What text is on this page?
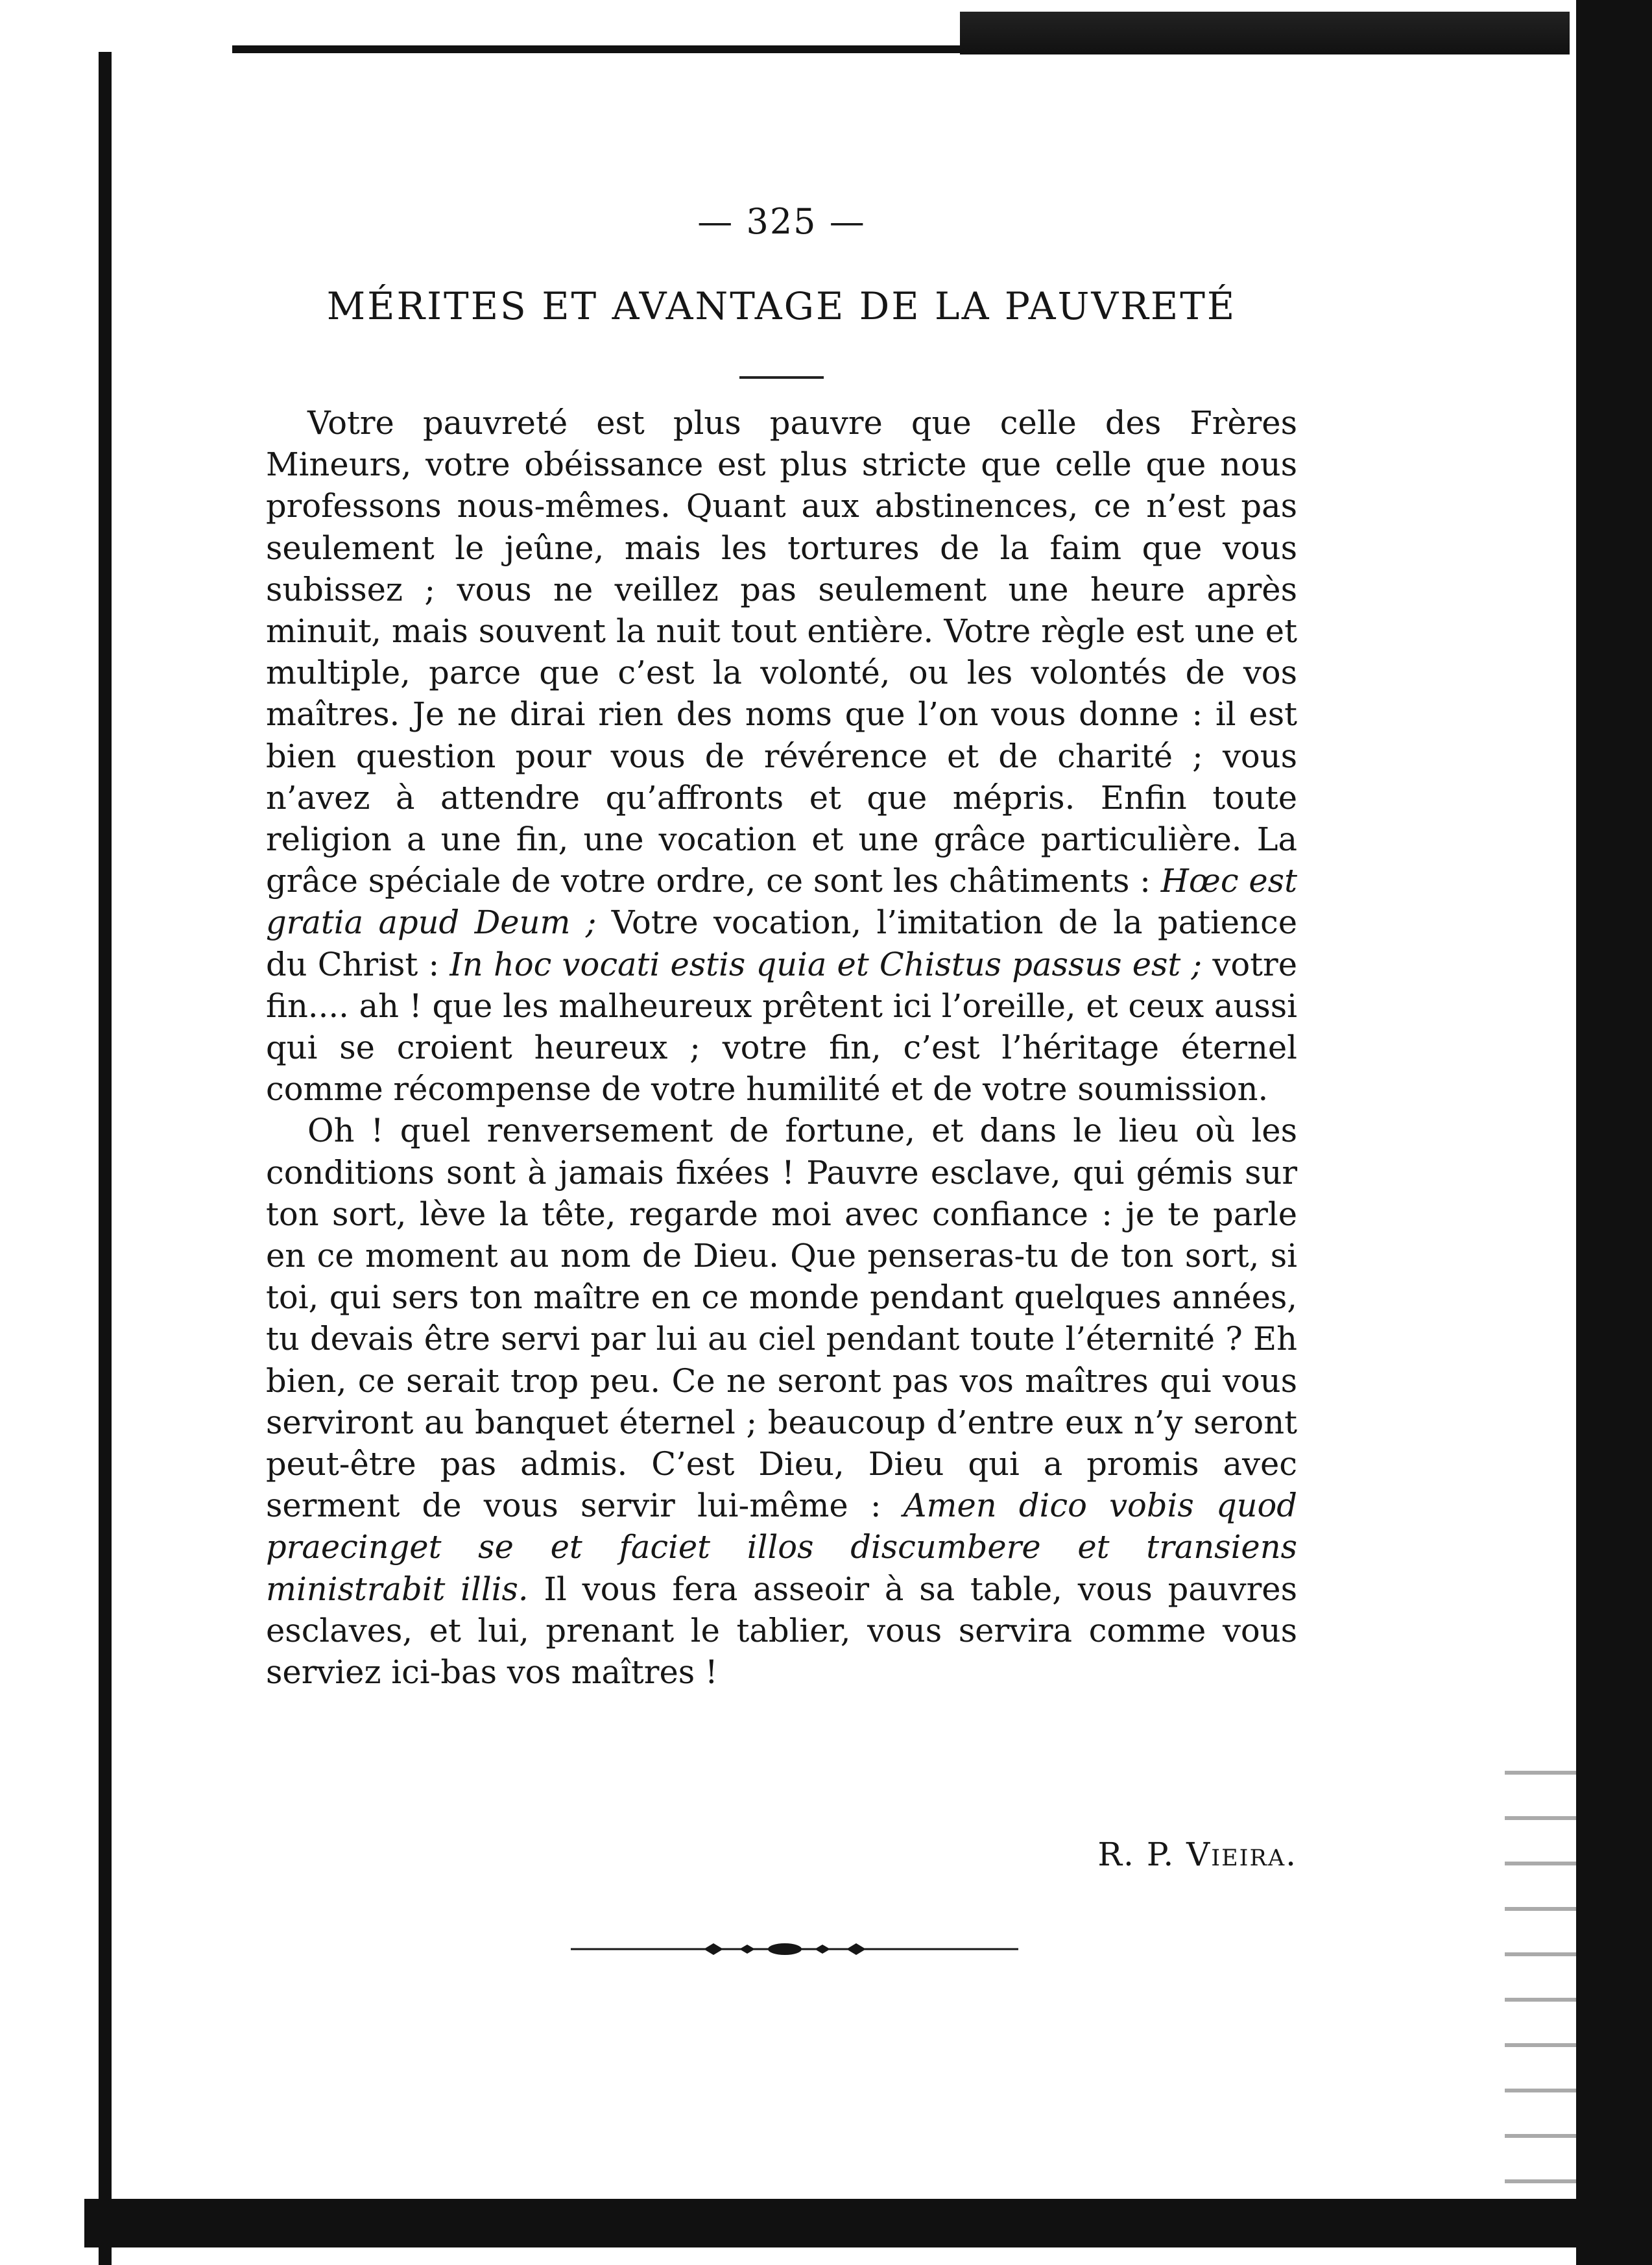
— 325 —
MÉRITES ET AVANTAGE DE LA PAUVRETÉ

Votre pauvreté est plus pauvre que celle des Frères Mineurs, votre obéissance est plus stricte que celle que nous professons nous-mêmes. Quant aux abstinences, ce n’est pas seulement le jeûne, mais les tortures de la faim que vous subissez ; vous ne veillez pas seulement une heure après minuit, mais souvent la nuit tout entière. Votre règle est une et multiple, parce que c’est la volonté, ou les volontés de vos maîtres. Je ne dirai rien des noms que l’on vous donne : il est bien question pour vous de révérence et de charité ; vous n’avez à attendre qu’affronts et que mépris. Enfin toute religion a une fin, une vocation et une grâce particulière. La grâce spéciale de votre ordre, ce sont les châtiments : Hœc est gratia apud Deum ; Votre vocation, l’imitation de la patience du Christ : In hoc vocati estis quia et Chistus passus est ; votre fin.... ah ! que les malheureux prêtent ici l’oreille, et ceux aussi qui se croient heureux ; votre fin, c’est l’héritage éternel comme récompense de votre humilité et de votre soumission.

Oh ! quel renversement de fortune, et dans le lieu où les conditions sont à jamais fixées ! Pauvre esclave, qui gémis sur ton sort, lève la tête, regarde moi avec confiance : je te parle en ce moment au nom de Dieu. Que penseras-tu de ton sort, si toi, qui sers ton maître en ce monde pendant quelques années, tu devais être servi par lui au ciel pendant toute l’éternité ? Eh bien, ce serait trop peu. Ce ne seront pas vos maîtres qui vous serviront au banquet éternel ; beaucoup d’entre eux n’y seront peut-être pas admis. C’est Dieu, Dieu qui a promis avec serment de vous servir lui-même : Amen dico vobis quod praecinget se et faciet illos discumbere et transiens ministrabit illis. Il vous fera asseoir à sa table, vous pauvres esclaves, et lui, prenant le tablier, vous servira comme vous serviez ici-bas vos maîtres !

R. P. Vieira.
